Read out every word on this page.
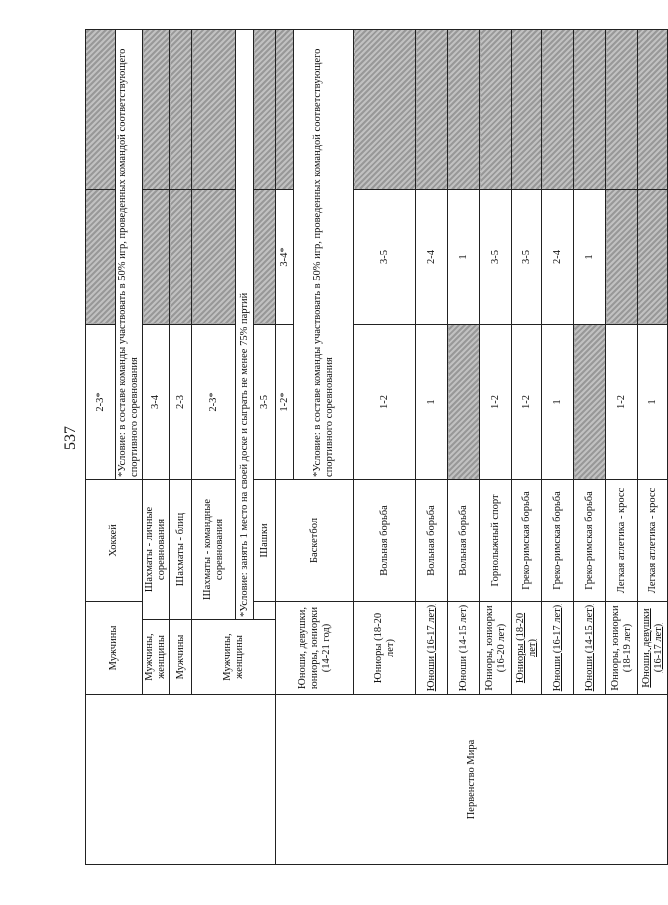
537
	Мужчины		Хоккей	2-3*		
				*Условие: в составе команды участвовать в 50% игр, проведенных командой соответствующего спортивного соревнования		
	Мужчины, женщины	Шахматы - личные соревнования		3-4		
	Мужчины	Шахматы - блиц		2-3		
	Мужчины, женщины	Шахматы - командные соревнования		2-3*		
		*Условие: занять 1 место на своей доске и сыграть не менее 75% партий				
			Шашки	3-5		
Первенство Мира	Юноши, девушки, юниоры, юниорки (14-21 год)		Баскетбол	1-2*	3-4*	
				*Условие: в составе команды участвовать в 50% игр, проведенных командой соответствующего спортивного соревнования		
	Юниоры (18-20 лет)		Вольная борьба	1-2	3-5	
	Юноши (16-17 лет)		Вольная борьба	1	2-4	
	Юноши (14-15 лет)		Вольная борьба		1	
	Юниоры, юниорки (16-20 лет)		Горнолыжный спорт	1-2	3-5	
	Юниоры (18-20 лет)		Греко-римская борьба	1-2	3-5	
	Юноши (16-17 лет)		Греко-римская борьба	1	2-4	
	Юноши (14-15 лет)		Греко-римская борьба		1	
	Юниоры, юниорки (18-19 лет)		Легкая атлетика - кросс	1-2		
	Юноши, девушки (16-17 лет)		Легкая атлетика - кросс	1		
